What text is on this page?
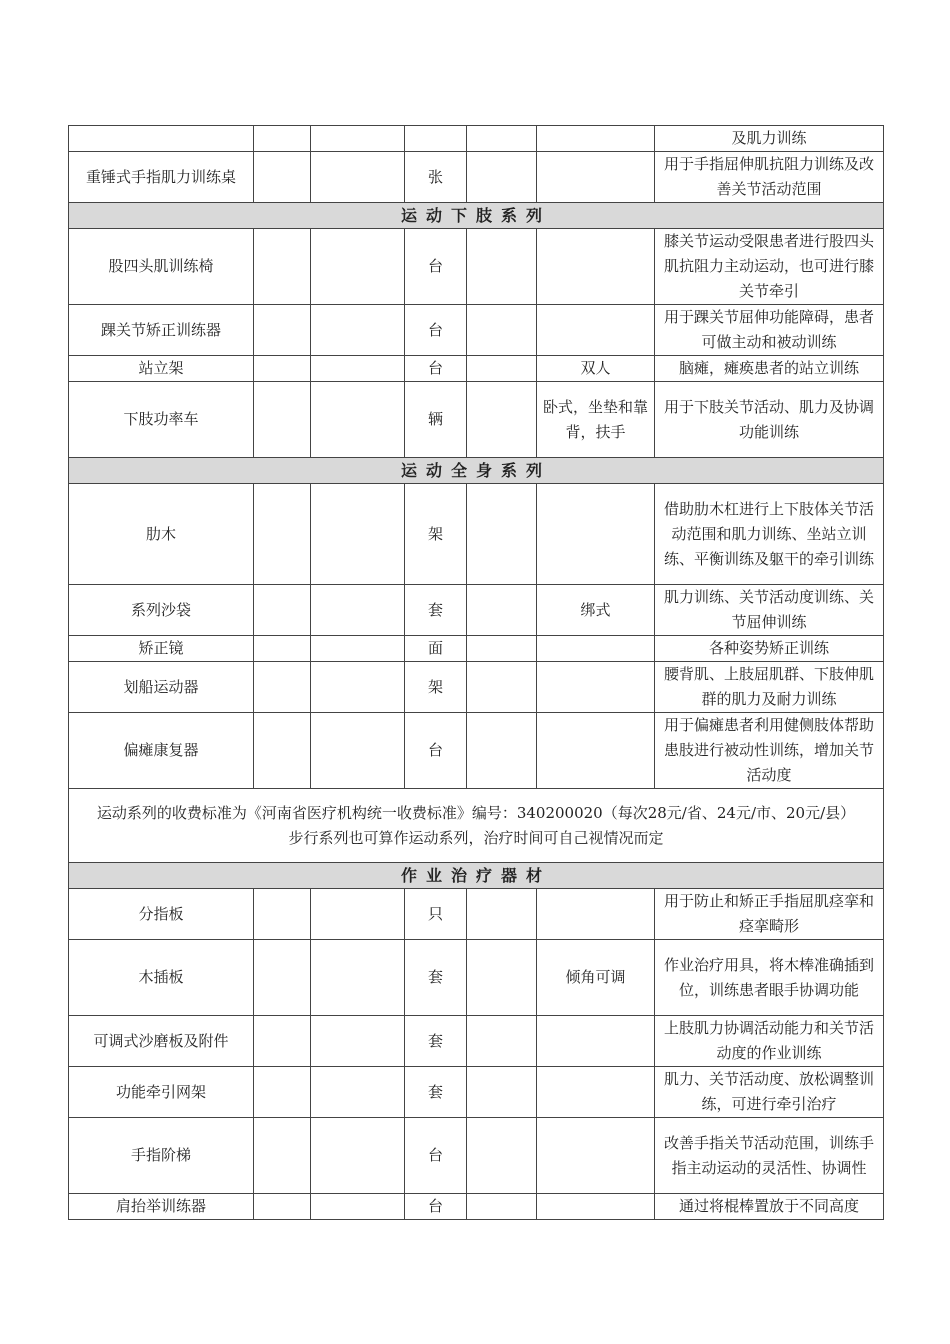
						及肌力训练
重锤式手指肌力训练桌			张			用于手指屈伸肌抗阻力训练及改善关节活动范围
运动下肢系列						
股四头肌训练椅			台			膝关节运动受限患者进行股四头肌抗阻力主动运动，也可进行膝关节牵引
踝关节矫正训练器			台			用于踝关节屈伸功能障碍，患者可做主动和被动训练
站立架			台		双人	脑瘫，瘫痪患者的站立训练
下肢功率车			辆		卧式，坐垫和靠背，扶手	用于下肢关节活动、肌力及协调功能训练
运动全身系列						
肋木			架			借助肋木杠进行上下肢体关节活动范围和肌力训练、坐站立训练、平衡训练及躯干的牵引训练
系列沙袋			套		绑式	肌力训练、关节活动度训练、关节屈伸训练
矫正镜			面			各种姿势矫正训练
划船运动器			架			腰背肌、上肢屈肌群、下肢伸肌群的肌力及耐力训练
偏瘫康复器			台			用于偏瘫患者利用健侧肢体帮助患肢进行被动性训练，增加关节活动度

运动系列的收费标准为《河南省医疗机构统一收费标准》编号：340200020（每次28元/省、24元/市、20元/县）
步行系列也可算作运动系列，治疗时间可自己视情况而定						

作业治疗器材						
分指板			只			用于防止和矫正手指屈肌痉挛和痉挛畸形
木插板			套		倾角可调	作业治疗用具，将木棒准确插到位，训练患者眼手协调功能
可调式沙磨板及附件			套			上肢肌力协调活动能力和关节活动度的作业训练
功能牵引网架			套			肌力、关节活动度、放松调整训练，可进行牵引治疗
手指阶梯			台			改善手指关节活动范围，训练手指主动运动的灵活性、协调性
肩抬举训练器			台			通过将棍棒置放于不同高度
